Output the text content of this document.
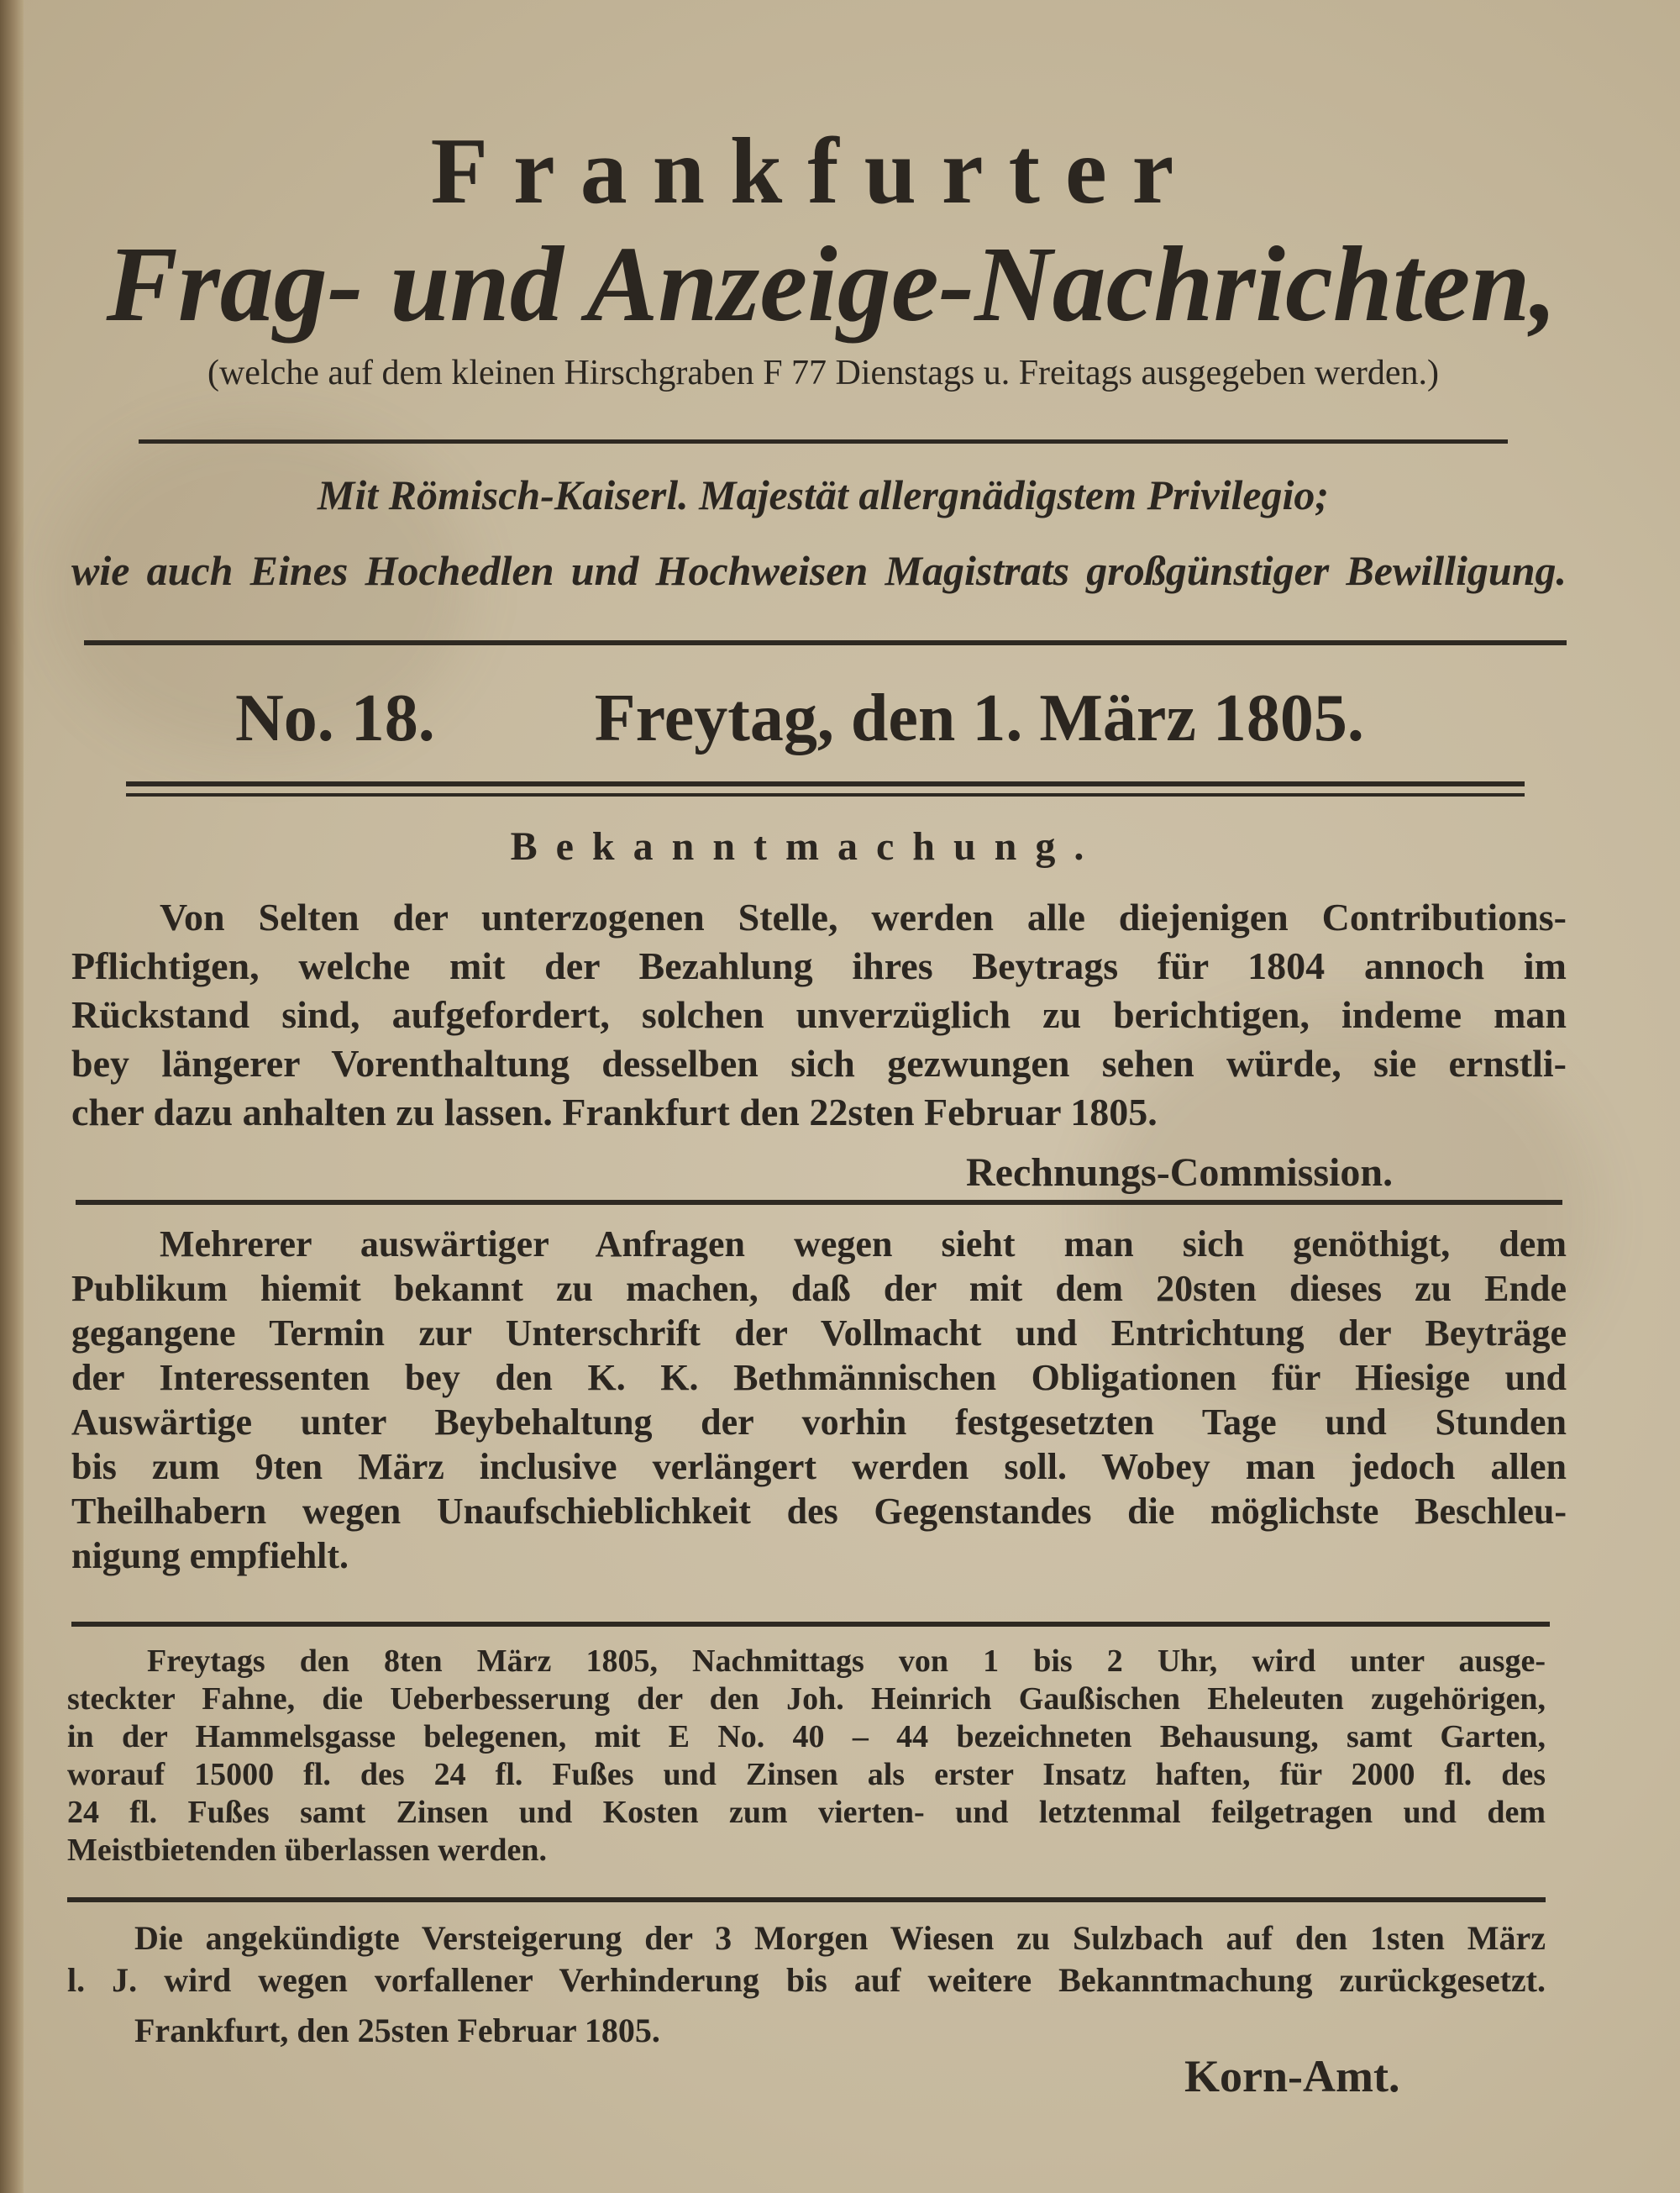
Frankfurter
Frag- und Anzeige-Nachrichten,
(welche auf dem kleinen Hirschgraben F 77 Dienstags u. Freitags ausgegeben werden.)
Mit Römisch-Kaiserl. Majestät allergnädigstem Privilegio;
wie auch Eines Hochedlen und Hochweisen Magistrats großgünstiger Bewilligung.
No. 18. Freytag, den 1. März 1805.
Bekanntmachung.
Von Selten der unterzogenen Stelle, werden alle diejenigen Contributions-
Pflichtigen, welche mit der Bezahlung ihres Beytrags für 1804 annoch im
Rückstand sind, aufgefordert, solchen unverzüglich zu berichtigen, indeme man
bey längerer Vorenthaltung desselben sich gezwungen sehen würde, sie ernstli-
cher dazu anhalten zu lassen. Frankfurt den 22sten Februar 1805.
Rechnungs-Commission.
Mehrerer auswärtiger Anfragen wegen sieht man sich genöthigt, dem
Publikum hiemit bekannt zu machen, daß der mit dem 20sten dieses zu Ende
gegangene Termin zur Unterschrift der Vollmacht und Entrichtung der Beyträge
der Interessenten bey den K. K. Bethmännischen Obligationen für Hiesige und
Auswärtige unter Beybehaltung der vorhin festgesetzten Tage und Stunden
bis zum 9ten März inclusive verlängert werden soll. Wobey man jedoch allen
Theilhabern wegen Unaufschieblichkeit des Gegenstandes die möglichste Beschleu-
nigung empfiehlt.
Freytags den 8ten März 1805, Nachmittags von 1 bis 2 Uhr, wird unter ausge-
steckter Fahne, die Ueberbesserung der den Joh. Heinrich Gaußischen Eheleuten zugehörigen,
in der Hammelsgasse belegenen, mit E No. 40 – 44 bezeichneten Behausung, samt Garten,
worauf 15000 fl. des 24 fl. Fußes und Zinsen als erster Insatz haften, für 2000 fl. des
24 fl. Fußes samt Zinsen und Kosten zum vierten- und letztenmal feilgetragen und dem
Meistbietenden überlassen werden.
Die angekündigte Versteigerung der 3 Morgen Wiesen zu Sulzbach auf den 1sten März
l. J. wird wegen vorfallener Verhinderung bis auf weitere Bekanntmachung zurückgesetzt.
Frankfurt, den 25sten Februar 1805.
Korn-Amt.
